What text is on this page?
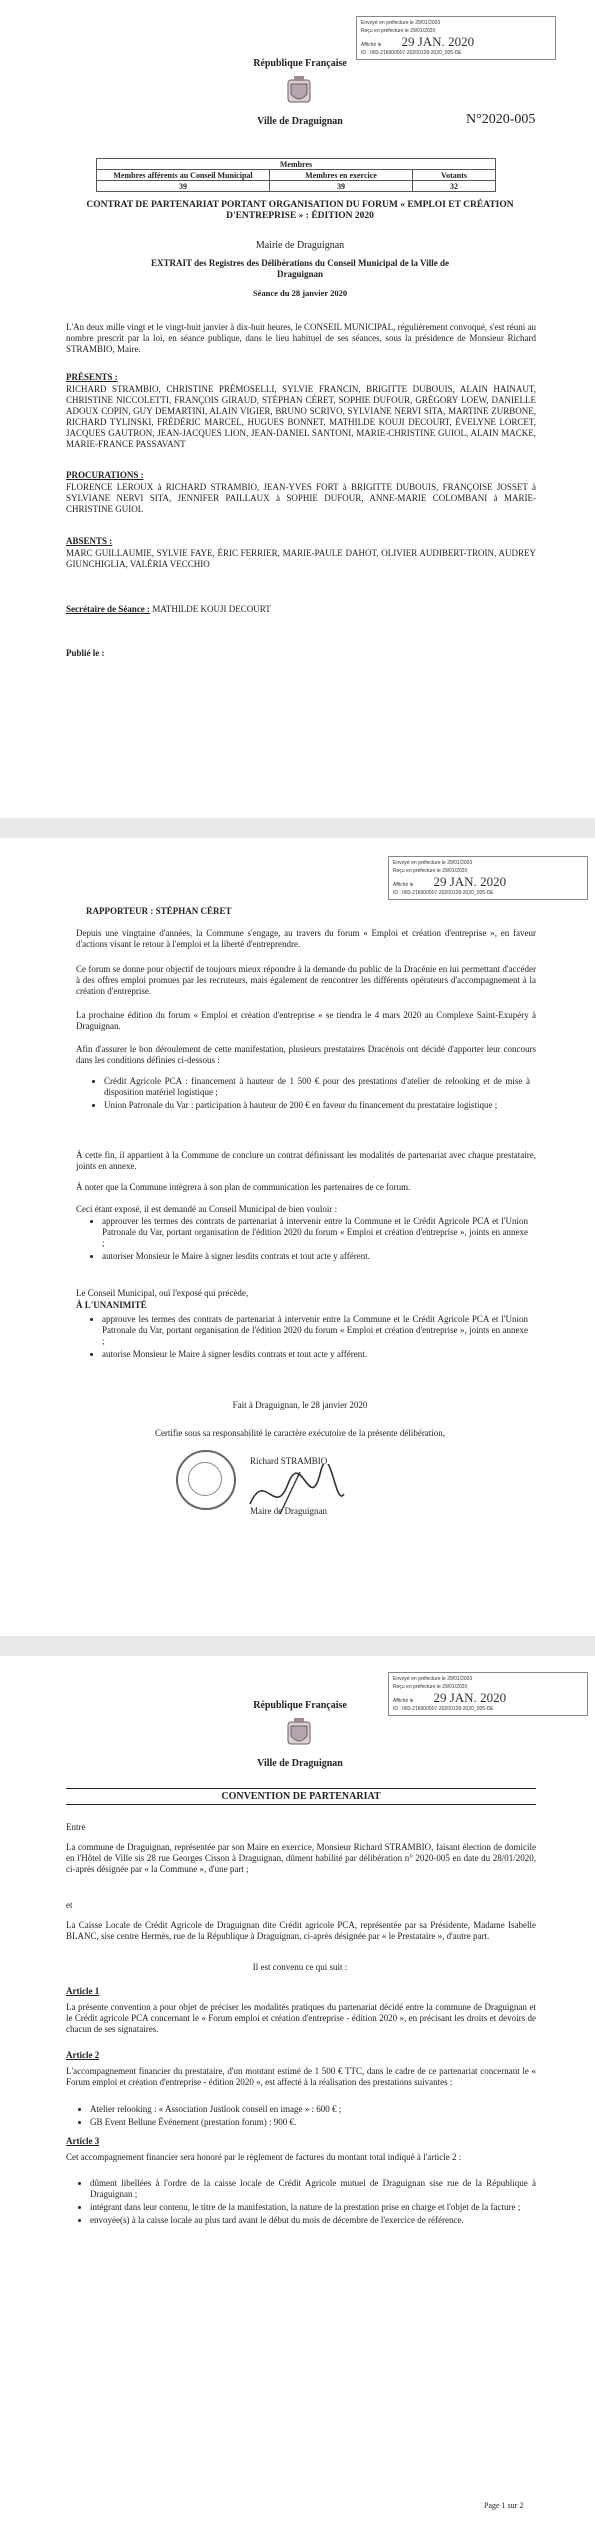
Envoyé en préfecture le 29/01/2020
Reçu en préfecture le 29/01/2020
Affiché le 29 JAN. 2020
ID : 083-218300507-20200128-2020_005-DE
République Française
Ville de Draguignan	N°2020-005
Membres		
Membres afférents au Conseil Municipal	Membres en exercice	Votants
39	39	32
CONTRAT DE PARTENARIAT PORTANT ORGANISATION DU FORUM « EMPLOI ET CRÉATION D'ENTREPRISE » : ÉDITION 2020
Mairie de Draguignan
EXTRAIT des Registres des Délibérations du Conseil Municipal de la Ville de Draguignan
Séance du 28 janvier 2020
L'An deux mille vingt et le vingt-huit janvier à dix-huit heures, le CONSEIL MUNICIPAL, régulièrement convoqué, s'est réuni au nombre prescrit par la loi, en séance publique, dans le lieu habituel de ses séances, sous la présidence de Monsieur Richard STRAMBIO, Maire.
PRÉSENTS :
RICHARD STRAMBIO, CHRISTINE PRÉMOSELLI, SYLVIE FRANCIN, BRIGITTE DUBOUIS, ALAIN HAINAUT, CHRISTINE NICCOLETTI, FRANÇOIS GIRAUD, STÉPHAN CÉRET, SOPHIE DUFOUR, GRÉGORY LOEW, DANIELLE ADOUX COPIN, GUY DEMARTINI, ALAIN VIGIER, BRUNO SCRIVO, SYLVIANE NERVI SITA, MARTINE ZURBONE, RICHARD TYLINSKI, FRÉDÉRIC MARCEL, HUGUES BONNET, MATHILDE KOUJI DECOURT, ÉVELYNE LORCET, JACQUES GAUTRON, JEAN-JACQUES LION, JEAN-DANIEL SANTONI, MARIE-CHRISTINE GUIOL, ALAIN MACKE, MARIE-FRANCE PASSAVANT
PROCURATIONS :
FLORENCE LEROUX à RICHARD STRAMBIO, JEAN-YVES FORT à BRIGITTE DUBOUIS, FRANÇOISE JOSSET à SYLVIANE NERVI SITA, JENNIFER PAILLAUX à SOPHIE DUFOUR, ANNE-MARIE COLOMBANI à MARIE-CHRISTINE GUIOL
ABSENTS :
MARC GUILLAUMIE, SYLVIE FAYE, ÉRIC FERRIER, MARIE-PAULE DAHOT, OLIVIER AUDIBERT-TROIN, AUDREY GIUNCHIGLIA, VALÉRIA VECCHIO
Secrétaire de Séance : MATHILDE KOUJI DECOURT
Publié le :
Envoyé en préfecture le 29/01/2020
Reçu en préfecture le 29/01/2020
Affiché le 29 JAN. 2020
ID : 083-218300507-20200128-2020_005-DE
RAPPORTEUR : STÉPHAN CÉRET
Depuis une vingtaine d'années, la Commune s'engage, au travers du forum « Emploi et création d'entreprise », en faveur d'actions visant le retour à l'emploi et la liberté d'entreprendre.
Ce forum se donne pour objectif de toujours mieux répondre à la demande du public de la Dracénie en lui permettant d'accéder à des offres emploi promues par les recruteurs, mais également de rencontrer les différents opérateurs d'accompagnement à la création d'entreprise.
La prochaine édition du forum « Emploi et création d'entreprise » se tiendra le 4 mars 2020 au Complexe Saint-Exupéry à Draguignan.
Afin d'assurer le bon déroulement de cette manifestation, plusieurs prestataires Dracénois ont décidé d'apporter leur concours dans les conditions définies ci-dessous :
• Crédit Agricole PCA : financement à hauteur de 1 500 € pour des prestations d'atelier de relooking et de mise à disposition matériel logistique ;
• Union Patronale du Var : participation à hauteur de 200 € en faveur du financement du prestataire logistique ;
À cette fin, il appartient à la Commune de conclure un contrat définissant les modalités de partenariat avec chaque prestataire, joints en annexe.
À noter que la Commune intègrera à son plan de communication les partenaires de ce forum.
Ceci étant exposé, il est demandé au Conseil Municipal de bien vouloir :
• approuver les termes des contrats de partenariat à intervenir entre la Commune et le Crédit Agricole PCA et l'Union Patronale du Var, portant organisation de l'édition 2020 du forum « Emploi et création d'entreprise », joints en annexe ;
• autoriser Monsieur le Maire à signer lesdits contrats et tout acte y afférent.
Le Conseil Municipal, ouï l'exposé qui précède,
À L'UNANIMITÉ
• approuve les termes des contrats de partenariat à intervenir entre la Commune et le Crédit Agricole PCA et l'Union Patronale du Var, portant organisation de l'édition 2020 du forum « Emploi et création d'entreprise », joints en annexe ;
• autorise Monsieur le Maire à signer lesdits contrats et tout acte y afférent.
Fait à Draguignan, le 28 janvier 2020
Certifie sous sa responsabilité le caractère exécutoire de la présente délibération,
Richard STRAMBIO
Maire de Draguignan
Envoyé en préfecture le 29/01/2020
Reçu en préfecture le 29/01/2020
Affiché le 29 JAN. 2020
ID : 083-218300507-20200128-2020_005-DE
République Française
Ville de Draguignan
CONVENTION DE PARTENARIAT
Entre
La commune de Draguignan, représentée par son Maire en exercice, Monsieur Richard STRAMBIO, faisant élection de domicile en l'Hôtel de Ville sis 28 rue Georges Cisson à Draguignan, dûment habilité par délibération n° 2020-005 en date du 28/01/2020, ci-après désignée par « la Commune », d'une part ;
et
La Caisse Locale de Crédit Agricole de Draguignan dite Crédit agricole PCA, représentée par sa Présidente, Madame Isabelle BLANC, sise centre Hermès, rue de la République à Draguignan, ci-après désignée par « le Prestataire », d'autre part.
Il est convenu ce qui suit :
Article 1
La présente convention a pour objet de préciser les modalités pratiques du partenariat décidé entre la commune de Draguignan et le Crédit agricole PCA concernant le « Forum emploi et création d'entreprise - édition 2020 », en précisant les droits et devoirs de chacun de ses signataires.
Article 2
L'accompagnement financier du prestataire, d'un montant estimé de 1 500 € TTC, dans le cadre de ce partenariat concernant le « Forum emploi et création d'entreprise - édition 2020 », est affecté à la réalisation des prestations suivantes :
• Atelier relooking : « Association Justlook conseil en image » : 600 € ;
• GB Event Bellune Événement (prestation forum) : 900 €.
Article 3
Cet accompagnement financier sera honoré par le règlement de factures du montant total indiqué à l'article 2 :
• dûment libellées à l'ordre de la caisse locale de Crédit Agricole mutuel de Draguignan sise rue de la République à Draguignan ;
• intégrant dans leur contenu, le titre de la manifestation, la nature de la prestation prise en charge et l'objet de la facture ;
• envoyée(s) à la caisse locale au plus tard avant le début du mois de décembre de l'exercice de référence.
Page 1 sur 2
